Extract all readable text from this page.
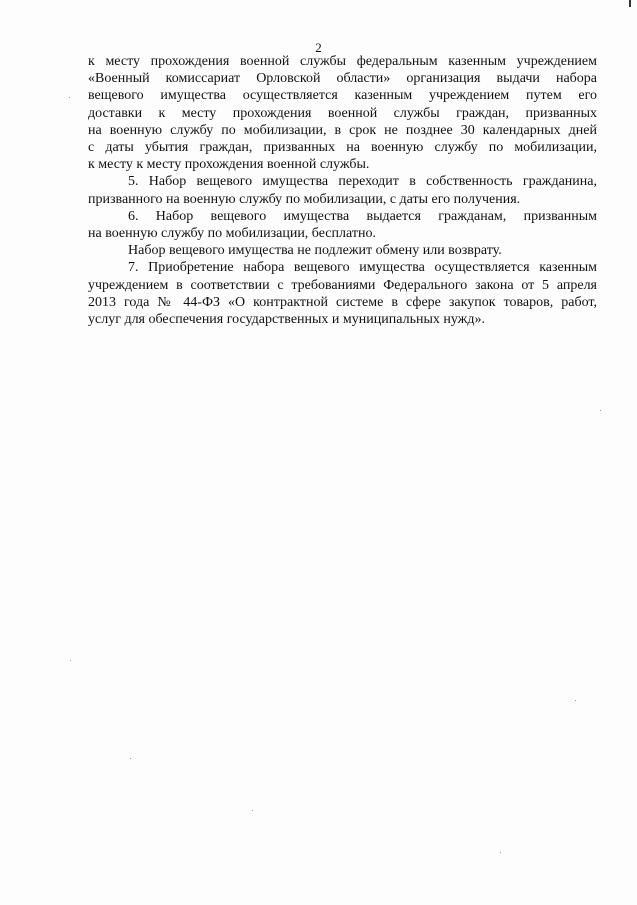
2

к месту прохождения военной службы федеральным казенным учреждением

«Военный комиссариат Орловской области» организация выдачи набора

вещевого имущества осуществляется казенным учреждением путем его

доставки к месту прохождения военной службы граждан, призванных

на военную службу по мобилизации, в срок не позднее 30 календарных дней

с даты убытия граждан, призванных на военную службу по мобилизации,

к месту к месту прохождения военной службы.

5. Набор вещевого имущества переходит в собственность гражданина,

призванного на военную службу по мобилизации, с даты его получения.

6. Набор вещевого имущества выдается гражданам, призванным

на военную службу по мобилизации, бесплатно.

Набор вещевого имущества не подлежит обмену или возврату.

7. Приобретение набора вещевого имущества осуществляется казенным

учреждением в соответствии с требованиями Федерального закона от 5 апреля

2013 года № 44-ФЗ «О контрактной системе в сфере закупок товаров, работ,

услуг для обеспечения государственных и муниципальных нужд».
